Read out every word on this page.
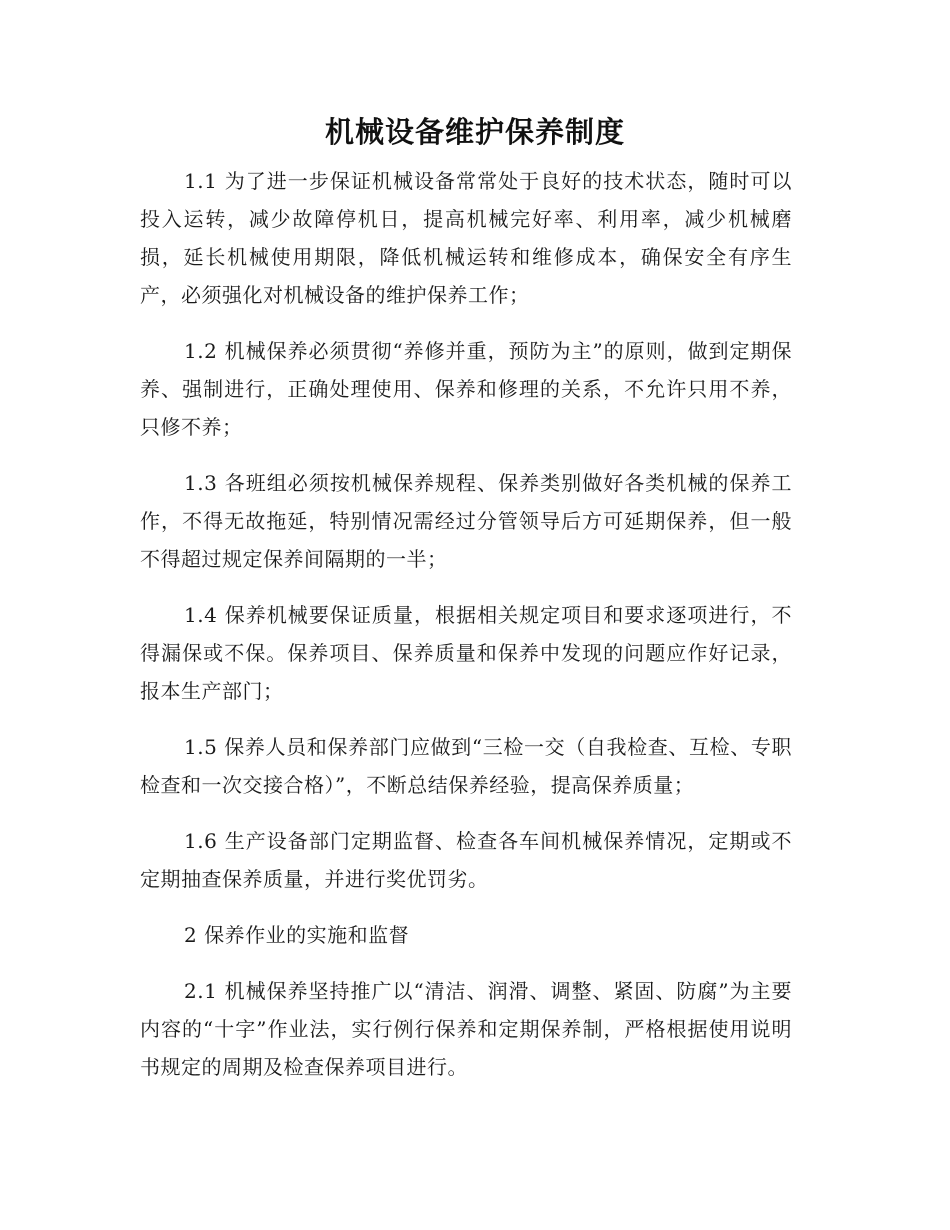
机械设备维护保养制度

1.1 为了进一步保证机械设备常常处于良好的技术状态，随时可以投入运转，减少故障停机日，提高机械完好率、利用率，减少机械磨损，延长机械使用期限，降低机械运转和维修成本，确保安全有序生产，必须强化对机械设备的维护保养工作；

1.2 机械保养必须贯彻“养修并重，预防为主”的原则，做到定期保养、强制进行，正确处理使用、保养和修理的关系，不允许只用不养，只修不养；

1.3 各班组必须按机械保养规程、保养类别做好各类机械的保养工作，不得无故拖延，特别情况需经过分管领导后方可延期保养，但一般不得超过规定保养间隔期的一半；

1.4 保养机械要保证质量，根据相关规定项目和要求逐项进行，不得漏保或不保。保养项目、保养质量和保养中发现的问题应作好记录，报本生产部门；

1.5 保养人员和保养部门应做到“三检一交（自我检查、互检、专职检查和一次交接合格）”，不断总结保养经验，提高保养质量；

1.6 生产设备部门定期监督、检查各车间机械保养情况，定期或不定期抽查保养质量，并进行奖优罚劣。

2 保养作业的实施和监督

2.1 机械保养坚持推广以“清洁、润滑、调整、紧固、防腐”为主要内容的“十字”作业法，实行例行保养和定期保养制，严格根据使用说明书规定的周期及检查保养项目进行。
